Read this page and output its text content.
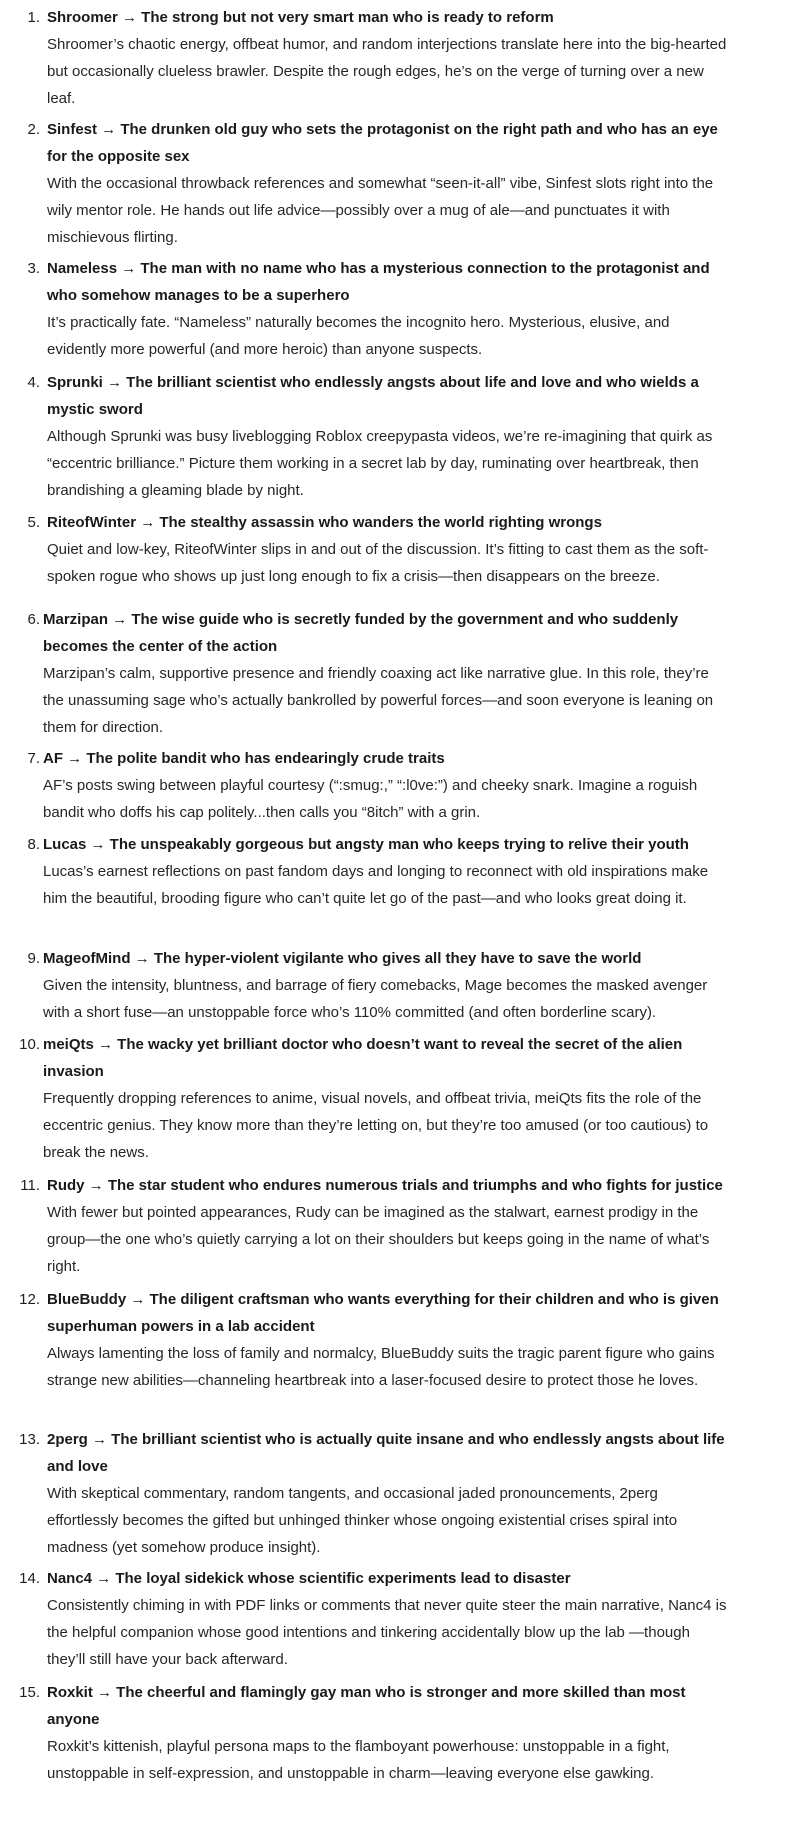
1. Shroomer → The strong but not very smart man who is ready to reform
Shroomer’s chaotic energy, offbeat humor, and random interjections translate here into the big-hearted but occasionally clueless brawler. Despite the rough edges, he’s on the verge of turning over a new leaf.
2. Sinfest → The drunken old guy who sets the protagonist on the right path and who has an eye for the opposite sex
With the occasional throwback references and somewhat “seen-it-all” vibe, Sinfest slots right into the wily mentor role. He hands out life advice—possibly over a mug of ale—and punctuates it with mischievous flirting.
3. Nameless → The man with no name who has a mysterious connection to the protagonist and who somehow manages to be a superhero
It’s practically fate. “Nameless” naturally becomes the incognito hero. Mysterious, elusive, and evidently more powerful (and more heroic) than anyone suspects.
4. Sprunki → The brilliant scientist who endlessly angsts about life and love and who wields a mystic sword
Although Sprunki was busy liveblogging Roblox creepypasta videos, we’re re-imagining that quirk as “eccentric brilliance.” Picture them working in a secret lab by day, ruminating over heartbreak, then brandishing a gleaming blade by night.
5. RiteofWinter → The stealthy assassin who wanders the world righting wrongs
Quiet and low-key, RiteofWinter slips in and out of the discussion. It’s fitting to cast them as the soft-spoken rogue who shows up just long enough to fix a crisis—then disappears on the breeze.
6. Marzipan → The wise guide who is secretly funded by the government and who suddenly becomes the center of the action
Marzipan’s calm, supportive presence and friendly coaxing act like narrative glue. In this role, they’re the unassuming sage who’s actually bankrolled by powerful forces—and soon everyone is leaning on them for direction.
7. AF → The polite bandit who has endearingly crude traits
AF’s posts swing between playful courtesy (“:smug:,” “:l0ve:”) and cheeky snark. Imagine a roguish bandit who doffs his cap politely...then calls you “8itch” with a grin.
8. Lucas → The unspeakably gorgeous but angsty man who keeps trying to relive their youth
Lucas’s earnest reflections on past fandom days and longing to reconnect with old inspirations make him the beautiful, brooding figure who can’t quite let go of the past—and who looks great doing it.
9. MageofMind → The hyper-violent vigilante who gives all they have to save the world
Given the intensity, bluntness, and barrage of fiery comebacks, Mage becomes the masked avenger with a short fuse—an unstoppable force who’s 110% committed (and often borderline scary).
10. meiQts → The wacky yet brilliant doctor who doesn’t want to reveal the secret of the alien invasion
Frequently dropping references to anime, visual novels, and offbeat trivia, meiQts fits the role of the eccentric genius. They know more than they’re letting on, but they’re too amused (or too cautious) to break the news.
11. Rudy → The star student who endures numerous trials and triumphs and who fights for justice
With fewer but pointed appearances, Rudy can be imagined as the stalwart, earnest prodigy in the group—the one who’s quietly carrying a lot on their shoulders but keeps going in the name of what’s right.
12. BlueBuddy → The diligent craftsman who wants everything for their children and who is given superhuman powers in a lab accident
Always lamenting the loss of family and normalcy, BlueBuddy suits the tragic parent figure who gains strange new abilities—channeling heartbreak into a laser-focused desire to protect those he loves.
13. 2perg → The brilliant scientist who is actually quite insane and who endlessly angsts about life and love
With skeptical commentary, random tangents, and occasional jaded pronouncements, 2perg effortlessly becomes the gifted but unhinged thinker whose ongoing existential crises spiral into madness (yet somehow produce insight).
14. Nanc4 → The loyal sidekick whose scientific experiments lead to disaster
Consistently chiming in with PDF links or comments that never quite steer the main narrative, Nanc4 is the helpful companion whose good intentions and tinkering accidentally blow up the lab —though they’ll still have your back afterward.
15. Roxkit → The cheerful and flamingly gay man who is stronger and more skilled than most anyone
Roxkit’s kittenish, playful persona maps to the flamboyant powerhouse: unstoppable in a fight, unstoppable in self-expression, and unstoppable in charm—leaving everyone else gawking.
